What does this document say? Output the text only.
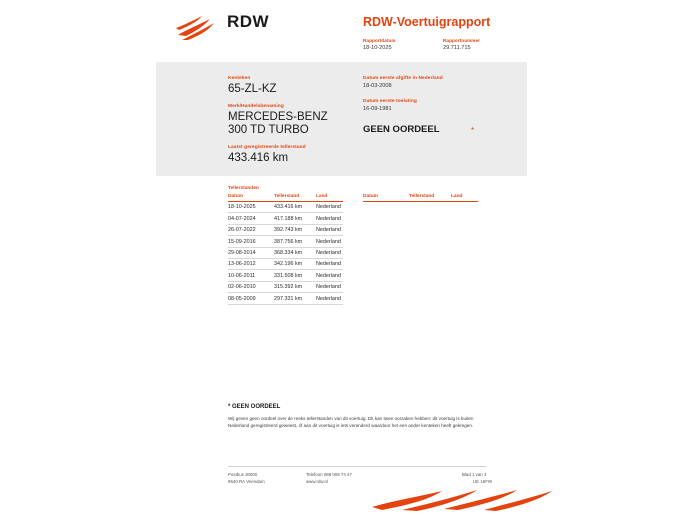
RDW	RDW-Voertuigrapport
Rapportdatum
18-10-2025
Rapportnummer
29.711.715
Kenteken
65-ZL-KZ
Merk/Handelsbenaming
MERCEDES-BENZ
300 TD TURBO
Laatst geregistreerde tellerstand
433.416 km
Datum eerste afgifte in Nederland
18-03-2008
Datum eerste toelating
16-09-1981
GEEN OORDEEL	*
Tellerstanden
Datum	Tellerstand	Land
18-10-2025	433.416 km	Nederland
04-07-2024	417.188 km	Nederland
26-07-2022	392.743 km	Nederland
15-09-2016	387.756 km	Nederland
29-08-2014	368.334 km	Nederland
13-06-2012	342.196 km	Nederland
10-06-2011	331.508 km	Nederland
02-06-2010	315.392 km	Nederland
08-05-2009	297.331 km	Nederland
Datum	Tellerstand	Land
* GEEN OORDEEL
Wij geven geen oordeel over de reeks tellerstanden van dit voertuig. Dit kan twee oorzaken hebben: dit voertuig is buiten Nederland geregistreerd geweest, óf aan dit voertuig is iets veranderd waardoor het een ander kenteken heeft gekregen.
Postbus 30000
9640 RA Veendam
Telefoon 088 008 74 47
www.rdw.nl
Blad 1 van 3
UE 16FW
